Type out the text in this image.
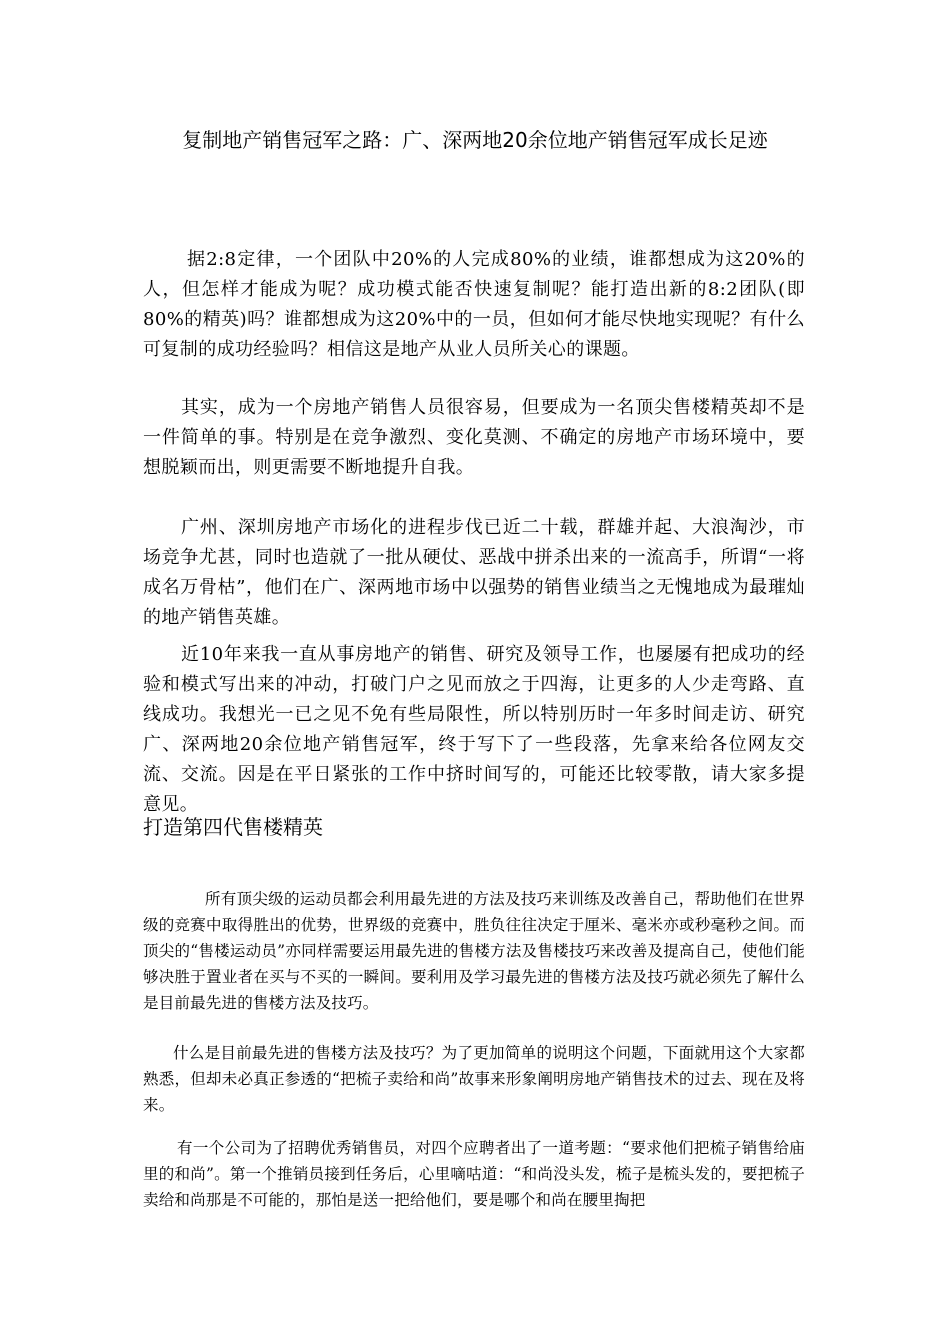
复制地产销售冠军之路：广、深两地20余位地产销售冠军成长足迹

据2:8定律，一个团队中20%的人完成80%的业绩，谁都想成为这20%的人，但怎样才能成为呢？成功模式能否快速复制呢？能打造出新的8:2团队(即80%的精英)吗？谁都想成为这20%中的一员，但如何才能尽快地实现呢？有什么可复制的成功经验吗？相信这是地产从业人员所关心的课题。

其实，成为一个房地产销售人员很容易，但要成为一名顶尖售楼精英却不是一件简单的事。特别是在竞争激烈、变化莫测、不确定的房地产市场环境中，要想脱颖而出，则更需要不断地提升自我。

广州、深圳房地产市场化的进程步伐已近二十载，群雄并起、大浪淘沙，市场竞争尤甚，同时也造就了一批从硬仗、恶战中拼杀出来的一流高手，所谓“一将成名万骨枯”，他们在广、深两地市场中以强势的销售业绩当之无愧地成为最璀灿的地产销售英雄。

近10年来我一直从事房地产的销售、研究及领导工作，也屡屡有把成功的经验和模式写出来的冲动，打破门户之见而放之于四海，让更多的人少走弯路、直线成功。我想光一已之见不免有些局限性，所以特别历时一年多时间走访、研究广、深两地20余位地产销售冠军，终于写下了一些段落，先拿来给各位网友交流、交流。因是在平日紧张的工作中挤时间写的，可能还比较零散，请大家多提意见。

打造第四代售楼精英

所有顶尖级的运动员都会利用最先进的方法及技巧来训练及改善自己，帮助他们在世界级的竞赛中取得胜出的优势，世界级的竞赛中，胜负往往决定于厘米、毫米亦或秒毫秒之间。而顶尖的“售楼运动员”亦同样需要运用最先进的售楼方法及售楼技巧来改善及提高自己，使他们能够决胜于置业者在买与不买的一瞬间。要利用及学习最先进的售楼方法及技巧就必须先了解什么是目前最先进的售楼方法及技巧。

什么是目前最先进的售楼方法及技巧？为了更加简单的说明这个问题，下面就用这个大家都熟悉，但却未必真正参透的“把梳子卖给和尚”故事来形象阐明房地产销售技术的过去、现在及将来。

有一个公司为了招聘优秀销售员，对四个应聘者出了一道考题：“要求他们把梳子销售给庙里的和尚”。第一个推销员接到任务后，心里嘀咕道：“和尚没头发，梳子是梳头发的，要把梳子卖给和尚那是不可能的，那怕是送一把给他们，要是哪个和尚在腰里掏把
